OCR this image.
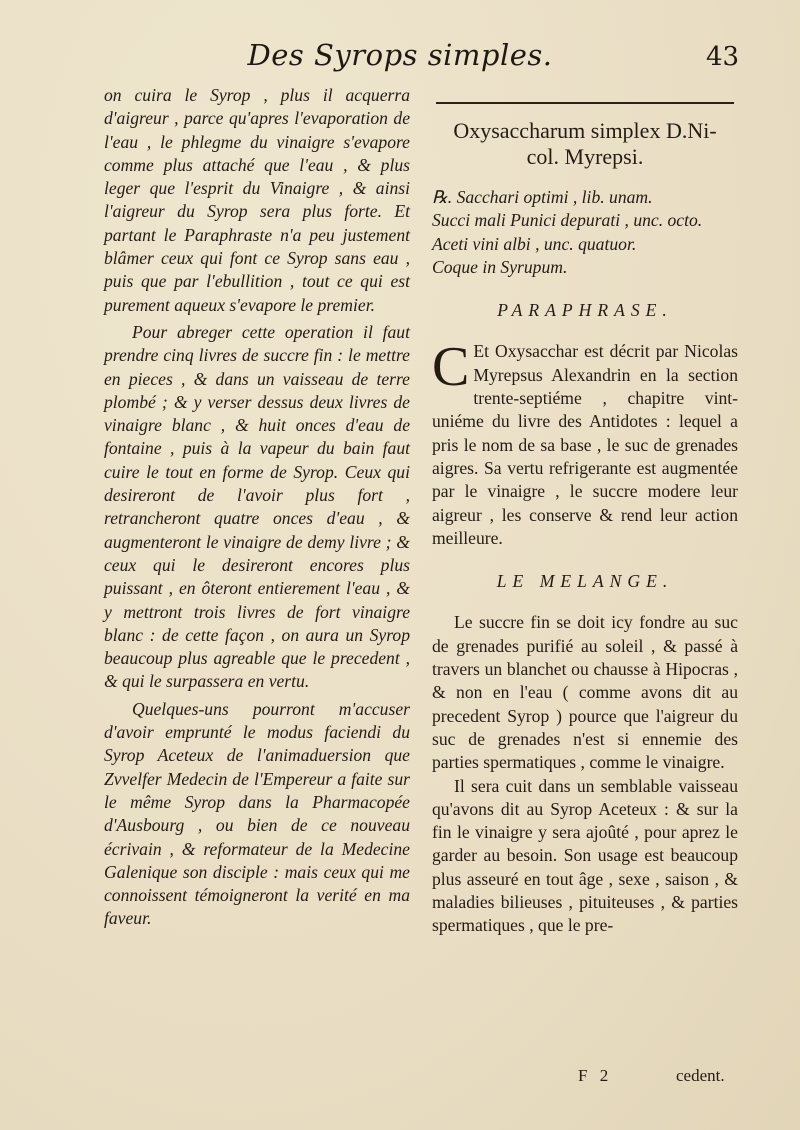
Des Syrops simples.	43

on cuira le Syrop , plus il acquerra d'aigreur , parce qu'apres l'evaporation de l'eau , le phlegme du vinaigre s'evapore comme plus attaché que l'eau , & plus leger que l'esprit du Vinaigre , & ainsi l'aigreur du Syrop sera plus forte. Et partant le Paraphraste n'a peu justement blâmer ceux qui font ce Syrop sans eau , puis que par l'ebullition , tout ce qui est purement aqueux s'evapore le premier.

Pour abreger cette operation il faut prendre cinq livres de succre fin : le mettre en pieces , & dans un vaisseau de terre plombé ; & y verser dessus deux livres de vinaigre blanc , & huit onces d'eau de fontaine , puis à la vapeur du bain faut cuire le tout en forme de Syrop. Ceux qui desireront de l'avoir plus fort , retrancheront quatre onces d'eau , & augmenteront le vinaigre de demy livre ; & ceux qui le desireront encores plus puissant , en ôteront entierement l'eau , & y mettront trois livres de fort vinaigre blanc : de cette façon , on aura un Syrop beaucoup plus agreable que le precedent , & qui le surpassera en vertu.

Quelques-uns pourront m'accuser d'avoir emprunté le modus faciendi du Syrop Aceteux de l'animaduersion que Zvvelfer Medecin de l'Empereur a faite sur le même Syrop dans la Pharmacopée d'Ausbourg , ou bien de ce nouveau écrivain , & reformateur de la Medecine Galenique son disciple : mais ceux qui me connoissent témoigneront la verité en ma faveur.

Oxysaccharum simplex D.Ni-
col. Myrepsi.

℞. Sacchari optimi , lib. unam.

Succi mali Punici depurati , unc. octo.

Aceti vini albi , unc. quatuor.

Coque in Syrupum.

PARAPHRASE.

C Et Oxysacchar est décrit par Nicolas Myrepsus Alexandrin en la section trente-septiéme , chapitre vint-uniéme du livre des Antidotes : lequel a pris le nom de sa base , le suc de grenades aigres. Sa vertu refrigerante est augmentée par le vinaigre , le succre modere leur aigreur , les conserve & rend leur action meilleure.

LE MELANGE.

Le succre fin se doit icy fondre au suc de grenades purifié au soleil , & passé à travers un blanchet ou chausse à Hipocras , & non en l'eau ( comme avons dit au precedent Syrop ) pource que l'aigreur du suc de grenades n'est si ennemie des parties spermatiques , comme le vinaigre.

Il sera cuit dans un semblable vaisseau qu'avons dit au Syrop Aceteux : & sur la fin le vinaigre y sera ajoûté , pour aprez le garder au besoin. Son usage est beaucoup plus asseuré en tout âge , sexe , saison , & maladies bilieuses , pituiteuses , & parties spermatiques , que le pre-

F 2	cedent.
